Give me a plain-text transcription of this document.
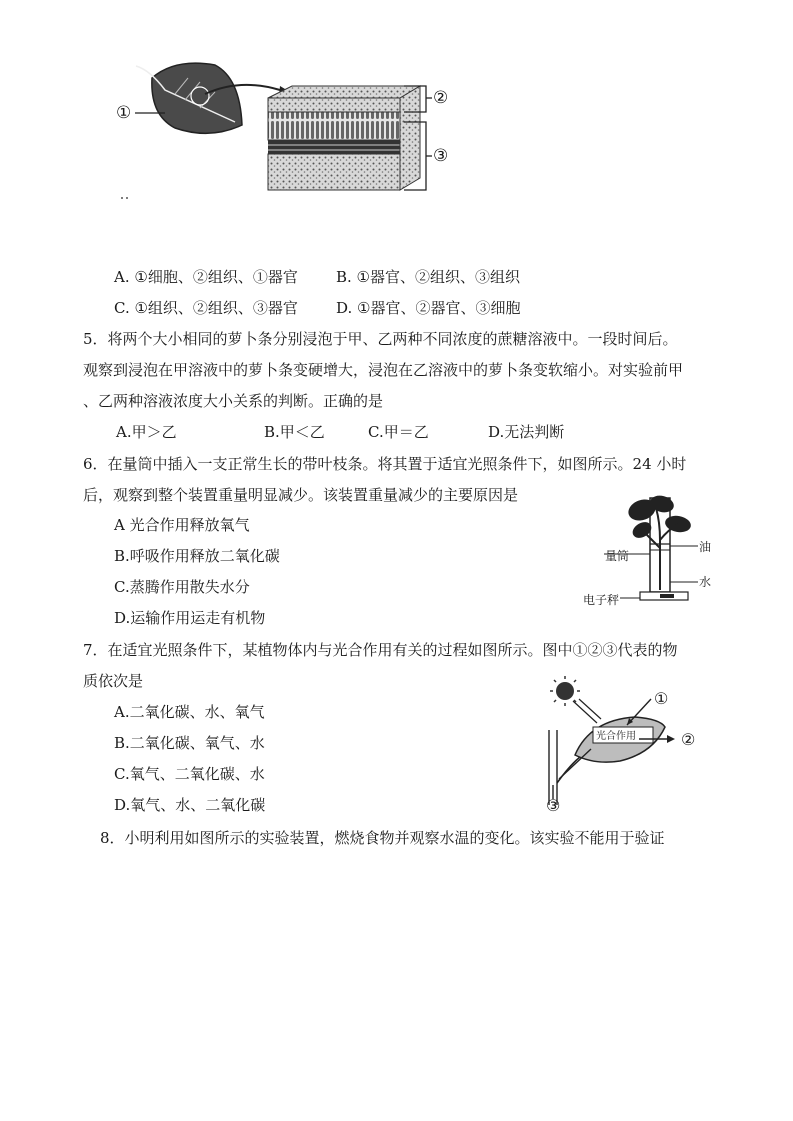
①
②
③
A. ①细胞、②组织、①器官	B. ①器官、②组织、③组织
C. ①组织、②组织、③器官	D. ①器官、②器官、③细胞
5．将两个大小相同的萝卜条分别浸泡于甲、乙两种不同浓度的蔗糖溶液中。一段时间后。
观察到浸泡在甲溶液中的萝卜条变硬增大，浸泡在乙溶液中的萝卜条变软缩小。对实验前甲
、乙两种溶液浓度大小关系的判断。正确的是
A.甲＞乙	B.甲＜乙	C.甲＝乙	D.无法判断
6．在量筒中插入一支正常生长的带叶枝条。将其置于适宜光照条件下，如图所示。24 小时
后，观察到整个装置重量明显减少。该装置重量减少的主要原因是
A 光合作用释放氧气
B.呼吸作用释放二氧化碳
C.蒸腾作用散失水分
D.运输作用运走有机物
量筒
油
水
电子秤
7．在适宜光照条件下，某植物体内与光合作用有关的过程如图所示。图中①②③代表的物
质依次是
A.二氧化碳、水、氧气
B.二氧化碳、氧气、水
C.氧气、二氧化碳、水
D.氧气、水、二氧化碳
光合作用
①
②
③
8．小明利用如图所示的实验装置，燃烧食物并观察水温的变化。该实验不能用于验证
